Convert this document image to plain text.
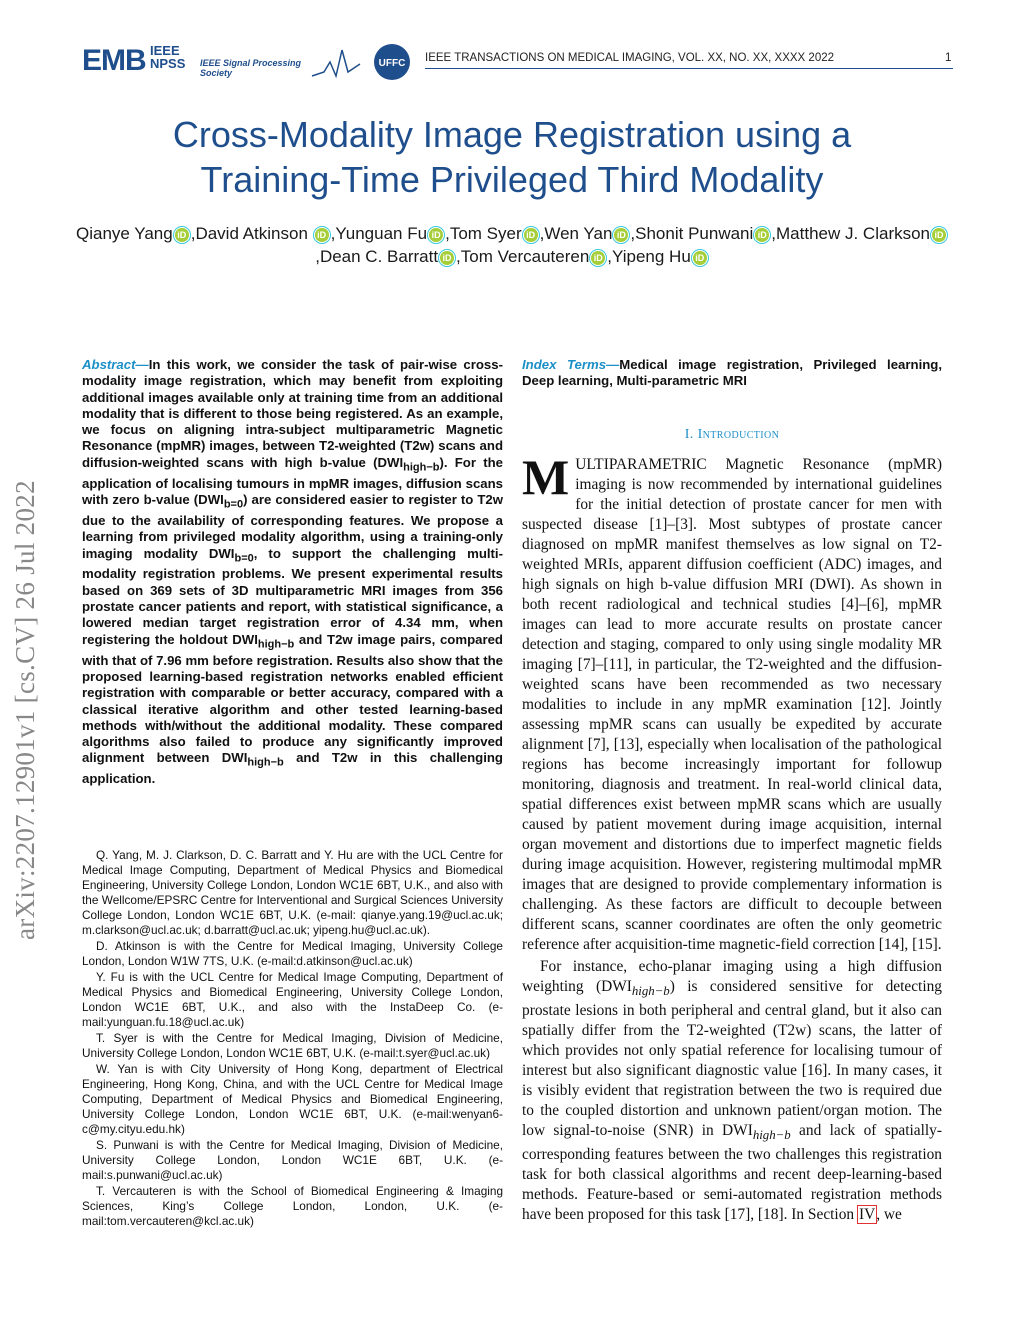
EMB IEEE NPSS	IEEE Signal Processing Society
UFFC IEEE TRANSACTIONS ON MEDICAL IMAGING, VOL. XX, NO. XX, XXXX 2022	1
Cross-Modality Image Registration using a
Training-Time Privileged Third Modality
Qianye Yang iD ,David Atkinson iD ,Yunguan Fu iD ,Tom Syer iD ,Wen Yan iD ,Shonit Punwani iD ,Matthew J. Clarkson iD,Dean C. Barratt iD ,Tom Vercauteren iD ,Yipeng Hu iD
arXiv:2207.12901v1 [cs.CV] 26 Jul 2022
Abstract—In this work, we consider the task of pair-wise cross-modality image registration, which may benefit from exploiting additional images available only at training time from an additional modality that is different to those being registered. As an example, we focus on aligning intra-subject multiparametric Magnetic Resonance (mpMR) images, between T2-weighted (T2w) scans and diffusion-weighted scans with high b-value $(DWI_{high-b})$. For the application of localising tumours in mpMR images, diffusion scans with zero b-value $(DWI_{b=0})$ are considered easier to register to T2w due to the availability of corresponding features. We propose a learning from privileged modality algorithm, using a training-only imaging modality $DWI_{b=0}$, to support the challenging multi-modality registration problems. We present experimental results based on 369 sets of 3D multiparametric MRI images from 356 prostate cancer patients and report, with statistical significance, a lowered median target registration error of 4.34 mm, when registering the holdout $DWI_{high-b}$ and T2w image pairs, compared with that of 7.96 mm before registration. Results also show that the proposed learning-based registration networks enabled efficient registration with comparable or better accuracy, compared with a classical iterative algorithm and other tested learning-based methods with/without the additional modality. These compared algorithms also failed to produce any significantly improved alignment between $DWI_{high-b}$ and T2w in this challenging application.

Q. Yang, M. J. Clarkson, D. C. Barratt and Y. Hu are with the UCL Centre for Medical Image Computing, Department of Medical Physics and Biomedical Engineering, University College London, London WC1E 6BT, U.K., and also with the Wellcome/EPSRC Centre for Interventional and Surgical Sciences University College London, London WC1E 6BT, U.K. (e-mail: qianye.yang.19@ucl.ac.uk; m.clarkson@ucl.ac.uk; d.barratt@ucl.ac.uk; yipeng.hu@ucl.ac.uk).

D. Atkinson is with the Centre for Medical Imaging, University College London, London W1W 7TS, U.K. (e-mail:d.atkinson@ucl.ac.uk)

Y. Fu is with the UCL Centre for Medical Image Computing, Department of Medical Physics and Biomedical Engineering, University College London, London WC1E 6BT, U.K., and also with the InstaDeep Co. (e-mail:yunguan.fu.18@ucl.ac.uk)

T. Syer is with the Centre for Medical Imaging, Division of Medicine, University College London, London WC1E 6BT, U.K. (e-mail:t.syer@ucl.ac.uk)

W. Yan is with City University of Hong Kong, department of Electrical Engineering, Hong Kong, China, and with the UCL Centre for Medical Image Computing, Department of Medical Physics and Biomedical Engineering, University College London, London WC1E 6BT, U.K. (e-mail:wenyan6-c@my.cityu.edu.hk)

S. Punwani is with the Centre for Medical Imaging, Division of Medicine, University College London, London WC1E 6BT, U.K. (e-mail:s.punwani@ucl.ac.uk)

T. Vercauteren is with the School of Biomedical Engineering & Imaging Sciences, King’s College London, London, U.K. (e-mail:tom.vercauteren@kcl.ac.uk)

Index Terms—Medical image registration, Privileged learning, Deep learning, Multi-parametric MRI
I. Introduction

MULTIPARAMETRIC Magnetic Resonance (mpMR) imaging is now recommended by international guidelines for the initial detection of prostate cancer for men with suspected disease [1]–[3]. Most subtypes of prostate cancer diagnosed on mpMR manifest themselves as low signal on T2-weighted MRIs, apparent diffusion coefficient (ADC) images, and high signals on high b-value diffusion MRI (DWI). As shown in both recent radiological and technical studies [4]–[6], mpMR images can lead to more accurate results on prostate cancer detection and staging, compared to only using single modality MR imaging [7]–[11], in particular, the T2-weighted and the diffusion-weighted scans have been recommended as two necessary modalities to include in any mpMR examination [12]. Jointly assessing mpMR scans can usually be expedited by accurate alignment [7], [13], especially when localisation of the pathological regions has become increasingly important for followup monitoring, diagnosis and treatment. In real-world clinical data, spatial differences exist between mpMR scans which are usually caused by patient movement during image acquisition, internal organ movement and distortions due to imperfect magnetic fields during image acquisition. However, registering multimodal mpMR images that are designed to provide complementary information is challenging. As these factors are difficult to decouple between different scans, scanner coordinates are often the only geometric reference after acquisition-time magnetic-field correction [14], [15].

For instance, echo-planar imaging using a high diffusion weighting $(DWI_{high-b})$ is considered sensitive for detecting prostate lesions in both peripheral and central gland, but it also can spatially differ from the T2-weighted (T2w) scans, the latter of which provides not only spatial reference for localising tumour of interest but also significant diagnostic value [16]. In many cases, it is visibly evident that registration between the two is required due to the coupled distortion and unknown patient/organ motion. The low signal-to-noise (SNR) in $DWI_{high-b}$ and lack of spatially-corresponding features between the two challenges this registration task for both classical algorithms and recent deep-learning-based methods. Feature-based or semi-automated registration methods have been proposed for this task [17], [18]. In Section IV, we
